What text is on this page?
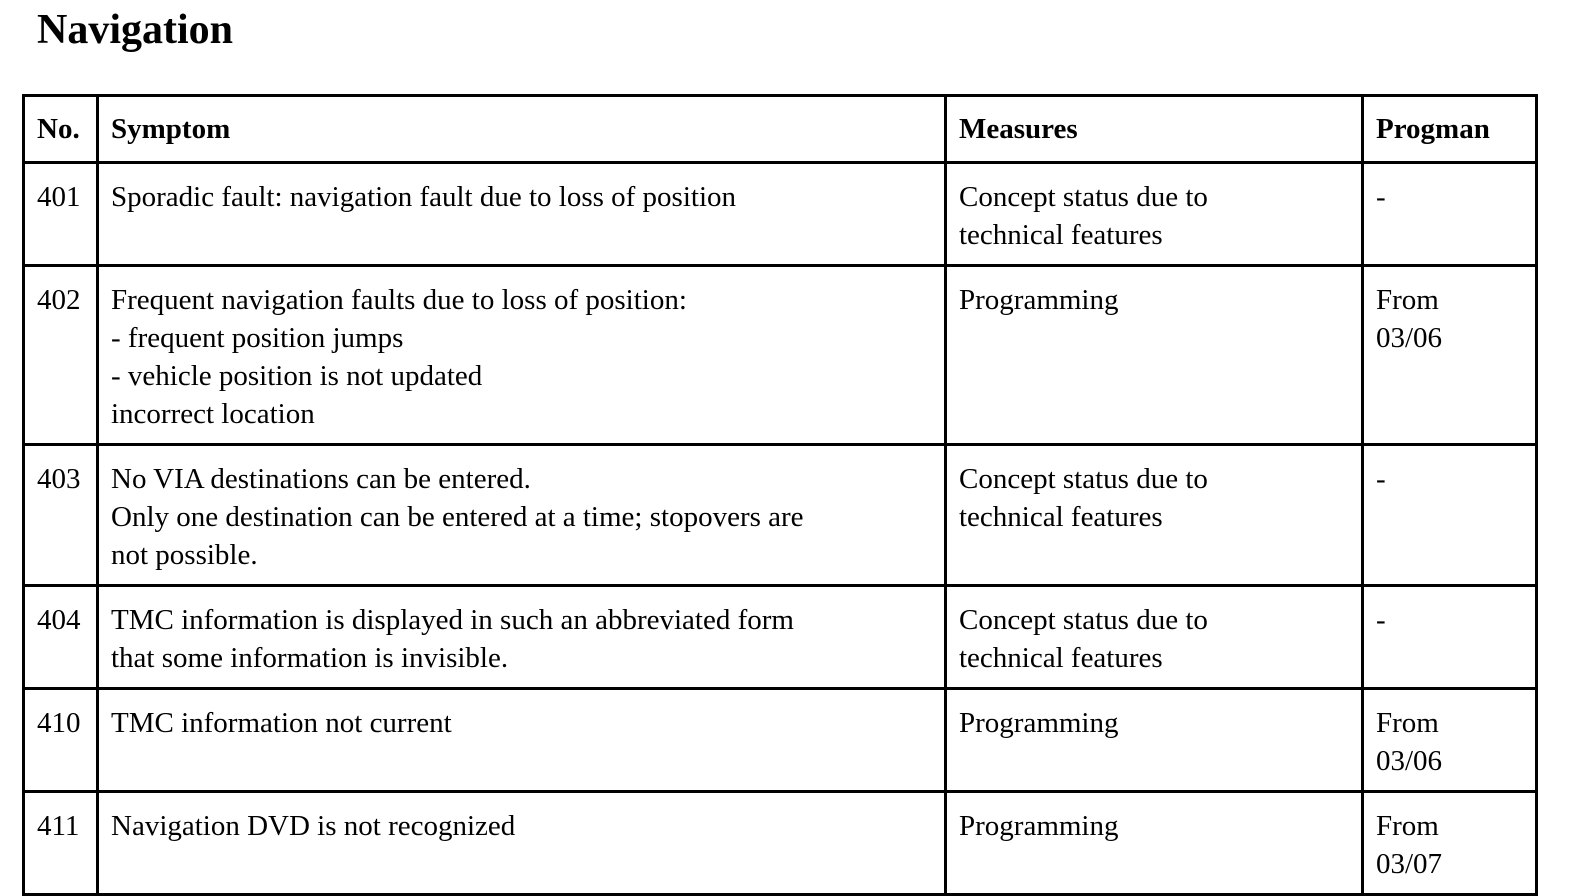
Navigation
No.	Symptom	Measures	Progman
401	Sporadic fault: navigation fault due to loss of position	Concept status due to
technical features	-

402	Frequent navigation faults due to loss of position:
- frequent position jumps
- vehicle position is not updated
incorrect location	Programming	From
03/06

403	No VIA destinations can be entered.
Only one destination can be entered at a time; stopovers are
not possible.	Concept status due to
technical features	-

404	TMC information is displayed in such an abbreviated form
that some information is invisible.	Concept status due to
technical features	-

410	TMC information not current	Programming	From
03/06

411	Navigation DVD is not recognized	Programming	From
03/07
